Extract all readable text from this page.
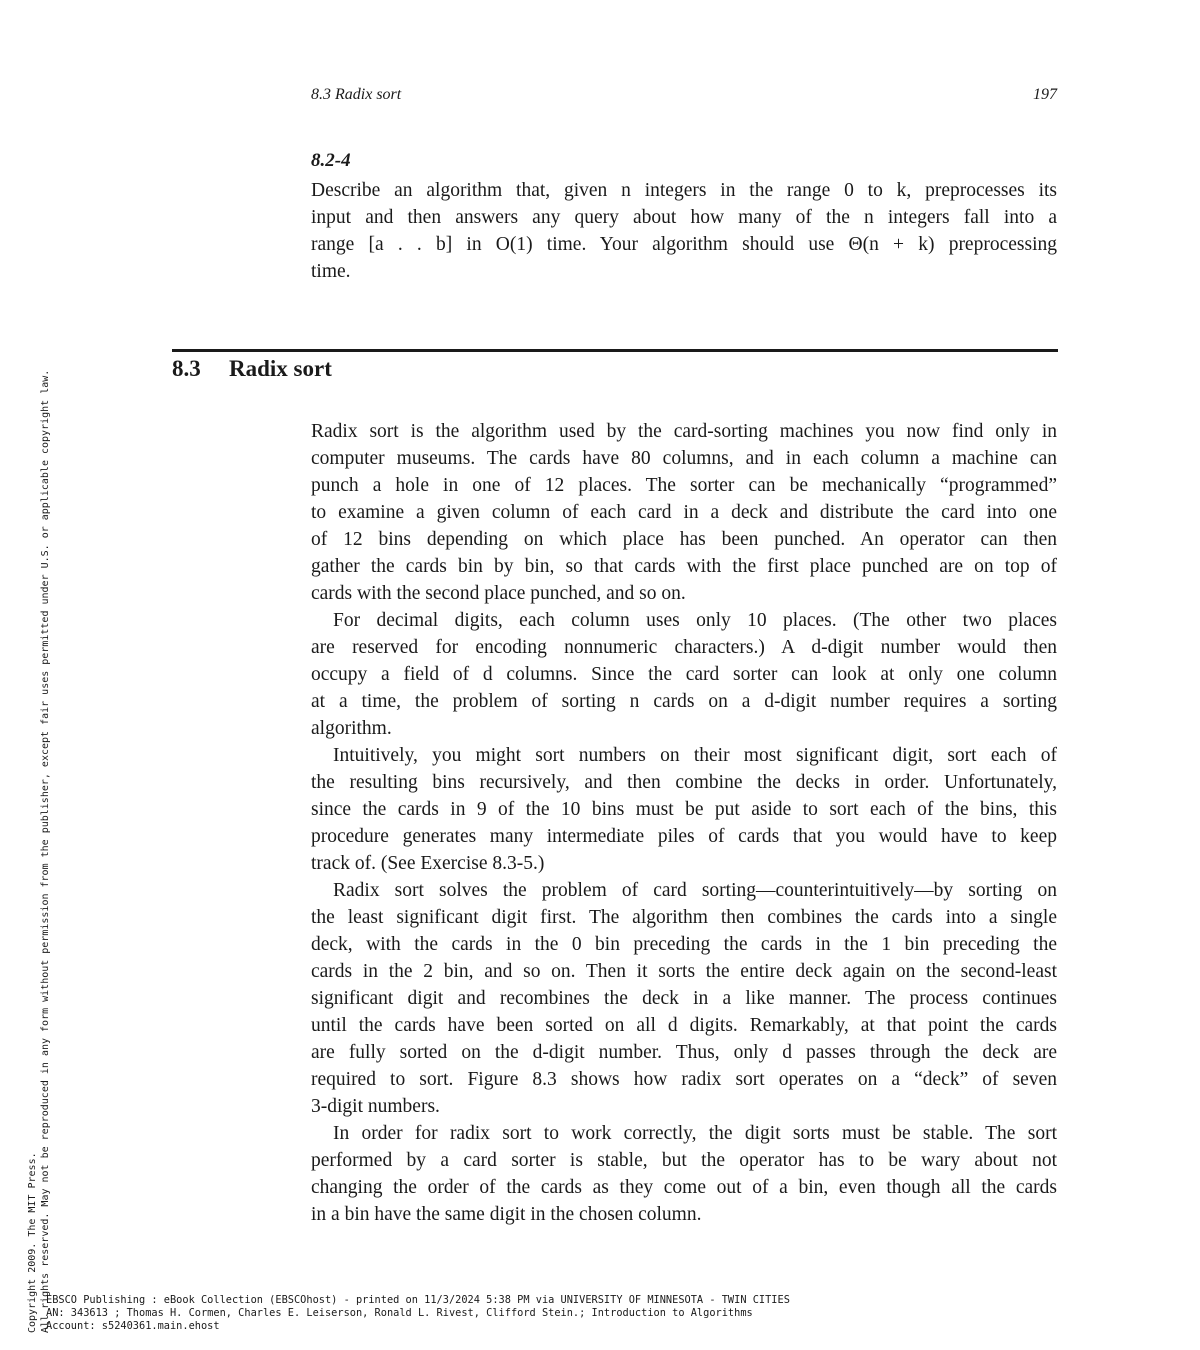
8.3 Radix sort	197
8.2-4
Describe an algorithm that, given n integers in the range 0 to k, preprocesses its
input and then answers any query about how many of the n integers fall into a
range [a . . b] in O(1) time. Your algorithm should use Θ(n + k) preprocessing
time.
8.3 Radix sort
Radix sort is the algorithm used by the card-sorting machines you now find only in
computer museums. The cards have 80 columns, and in each column a machine can
punch a hole in one of 12 places. The sorter can be mechanically “programmed”
to examine a given column of each card in a deck and distribute the card into one
of 12 bins depending on which place has been punched. An operator can then
gather the cards bin by bin, so that cards with the first place punched are on top of
cards with the second place punched, and so on.
For decimal digits, each column uses only 10 places. (The other two places
are reserved for encoding nonnumeric characters.) A d-digit number would then
occupy a field of d columns. Since the card sorter can look at only one column
at a time, the problem of sorting n cards on a d-digit number requires a sorting
algorithm.
Intuitively, you might sort numbers on their most significant digit, sort each of
the resulting bins recursively, and then combine the decks in order. Unfortunately,
since the cards in 9 of the 10 bins must be put aside to sort each of the bins, this
procedure generates many intermediate piles of cards that you would have to keep
track of. (See Exercise 8.3-5.)
Radix sort solves the problem of card sorting—counterintuitively—by sorting on
the least significant digit first. The algorithm then combines the cards into a single
deck, with the cards in the 0 bin preceding the cards in the 1 bin preceding the
cards in the 2 bin, and so on. Then it sorts the entire deck again on the second-least
significant digit and recombines the deck in a like manner. The process continues
until the cards have been sorted on all d digits. Remarkably, at that point the cards
are fully sorted on the d-digit number. Thus, only d passes through the deck are
required to sort. Figure 8.3 shows how radix sort operates on a “deck” of seven
3-digit numbers.
In order for radix sort to work correctly, the digit sorts must be stable. The sort
performed by a card sorter is stable, but the operator has to be wary about not
changing the order of the cards as they come out of a bin, even though all the cards
in a bin have the same digit in the chosen column.
Copyright 2009. The MIT Press. All rights reserved. May not be reproduced in any form without permission from the publisher, except fair uses permitted under U.S. or applicable copyright law.
EBSCO Publishing : eBook Collection (EBSCOhost) - printed on 11/3/2024 5:38 PM via UNIVERSITY OF MINNESOTA - TWIN CITIES
AN: 343613 ; Thomas H. Cormen, Charles E. Leiserson, Ronald L. Rivest, Clifford Stein.; Introduction to Algorithms
Account: s5240361.main.ehost
